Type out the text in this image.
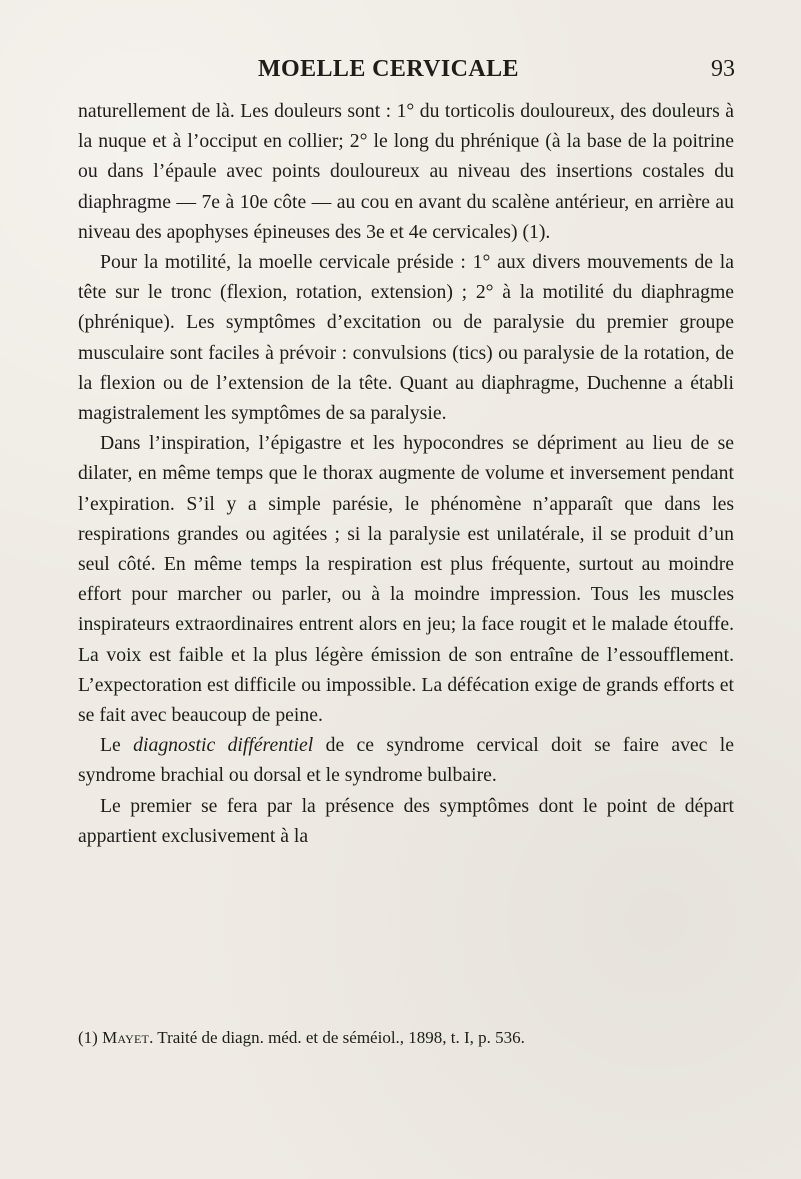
MOELLE CERVICALE	93

naturellement de là. Les douleurs sont : 1° du torticolis douloureux, des douleurs à la nuque et à l’occiput en collier; 2° le long du phrénique (à la base de la poitrine ou dans l’épaule avec points douloureux au niveau des insertions costales du diaphragme — 7e à 10e côte — au cou en avant du scalène antérieur, en arrière au niveau des apophyses épineuses des 3e et 4e cervicales) (1).

Pour la motilité, la moelle cervicale préside : 1° aux divers mouvements de la tête sur le tronc (flexion, rotation, extension) ; 2° à la motilité du diaphragme (phrénique). Les symptômes d’excitation ou de paralysie du premier groupe musculaire sont faciles à prévoir : convulsions (tics) ou paralysie de la rotation, de la flexion ou de l’extension de la tête. Quant au diaphragme, Duchenne a établi magistralement les symptômes de sa paralysie.

Dans l’inspiration, l’épigastre et les hypocondres se dépriment au lieu de se dilater, en même temps que le thorax augmente de volume et inversement pendant l’expiration. S’il y a simple parésie, le phénomène n’apparaît que dans les respirations grandes ou agitées ; si la paralysie est unilatérale, il se produit d’un seul côté. En même temps la respiration est plus fréquente, surtout au moindre effort pour marcher ou parler, ou à la moindre impression. Tous les muscles inspirateurs extraordinaires entrent alors en jeu; la face rougit et le malade étouffe. La voix est faible et la plus légère émission de son entraîne de l’essoufflement. L’expectoration est difficile ou impossible. La défécation exige de grands efforts et se fait avec beaucoup de peine.

Le diagnostic différentiel de ce syndrome cervical doit se faire avec le syndrome brachial ou dorsal et le syndrome bulbaire.

Le premier se fera par la présence des symptômes dont le point de départ appartient exclusivement à la

(1) Mayet. Traité de diagn. méd. et de séméiol., 1898, t. I, p. 536.
